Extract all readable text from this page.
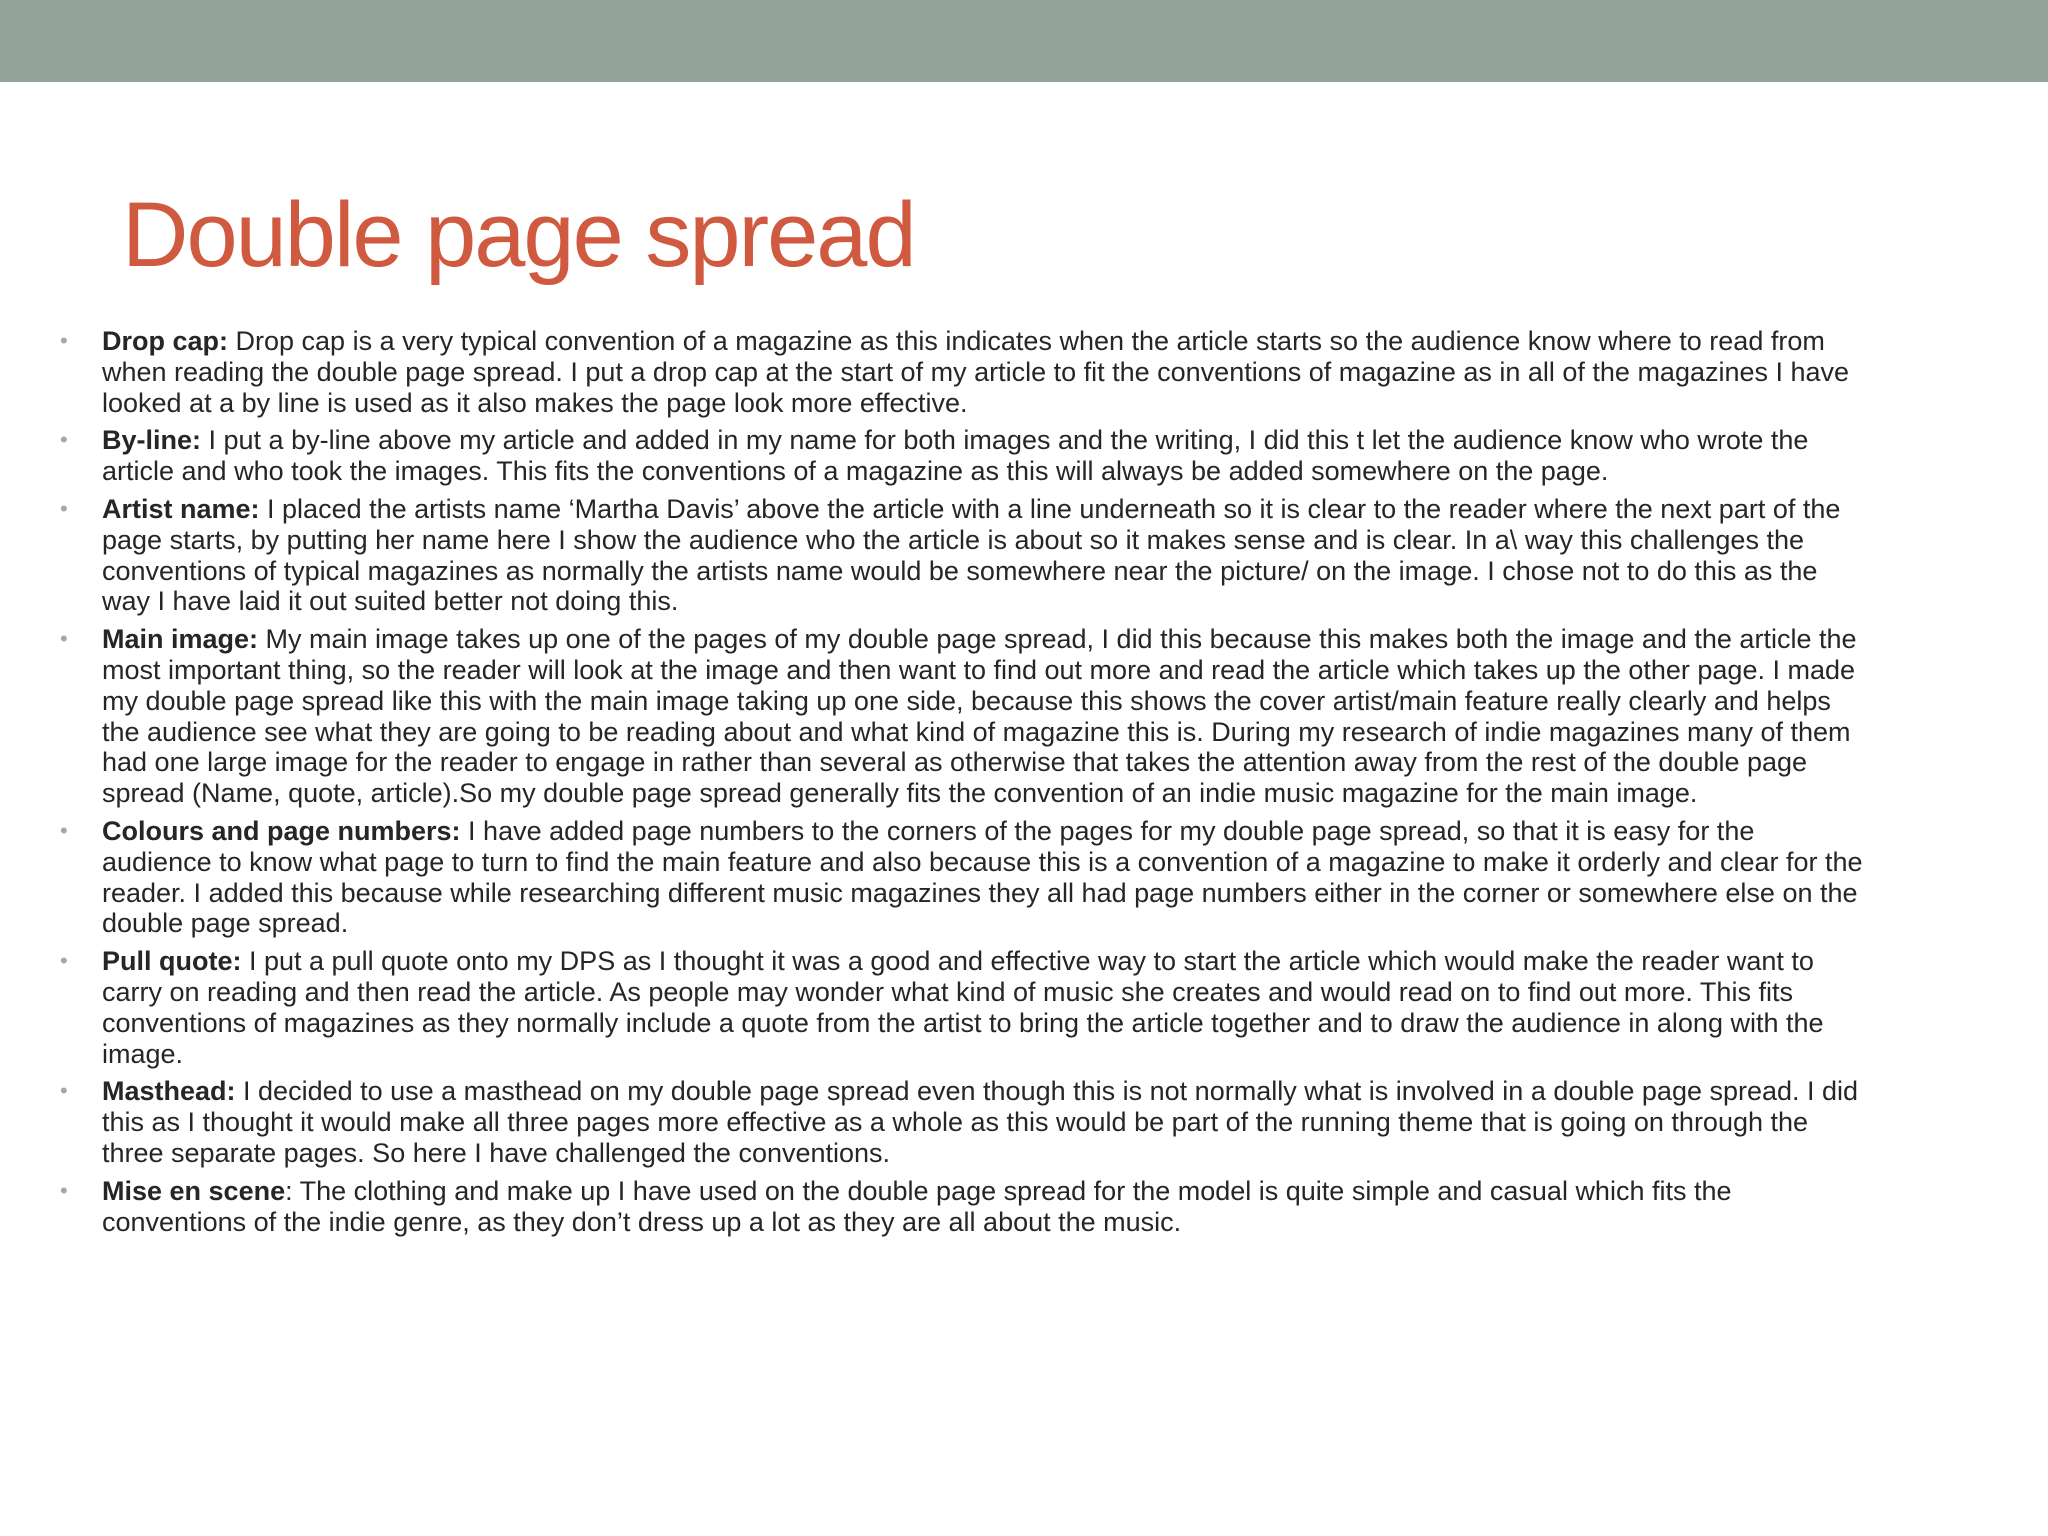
Double page spread
• Drop cap: Drop cap is a very typical convention of a magazine as this indicates when the article starts so the audience know where to read from when reading the double page spread. I put a drop cap at the start of my article to fit the conventions of magazine as in all of the magazines I have looked at a by line is used as it also makes the page look more effective.
• By-line: I put a by-line above my article and added in my name for both images and the writing, I did this t let the audience know who wrote the article and who took the images. This fits the conventions of a magazine as this will always be added somewhere on the page.
• Artist name: I placed the artists name ‘Martha Davis’ above the article with a line underneath so it is clear to the reader where the next part of the page starts, by putting her name here I show the audience who the article is about so it makes sense and is clear. In a\ way this challenges the conventions of typical magazines as normally the artists name would be somewhere near the picture/ on the image. I chose not to do this as the way I have laid it out suited better not doing this.
• Main image: My main image takes up one of the pages of my double page spread, I did this because this makes both the image and the article the most important thing, so the reader will look at the image and then want to find out more and read the article which takes up the other page. I made my double page spread like this with the main image taking up one side, because this shows the cover artist/main feature really clearly and helps the audience see what they are going to be reading about and what kind of magazine this is. During my research of indie magazines many of them had one large image for the reader to engage in rather than several as otherwise that takes the attention away from the rest of the double page spread (Name, quote, article).So my double page spread generally fits the convention of an indie music magazine for the main image.
• Colours and page numbers: I have added page numbers to the corners of the pages for my double page spread, so that it is easy for the audience to know what page to turn to find the main feature and also because this is a convention of a magazine to make it orderly and clear for the reader. I added this because while researching different music magazines they all had page numbers either in the corner or somewhere else on the double page spread.
• Pull quote: I put a pull quote onto my DPS as I thought it was a good and effective way to start the article which would make the reader want to carry on reading and then read the article. As people may wonder what kind of music she creates and would read on to find out more. This fits conventions of magazines as they normally include a quote from the artist to bring the article together and to draw the audience in along with the image.
• Masthead: I decided to use a masthead on my double page spread even though this is not normally what is involved in a double page spread. I did this as I thought it would make all three pages more effective as a whole as this would be part of the running theme that is going on through the three separate pages. So here I have challenged the conventions.
• Mise en scene: The clothing and make up I have used on the double page spread for the model is quite simple and casual which fits the conventions of the indie genre, as they don’t dress up a lot as they are all about the music.
